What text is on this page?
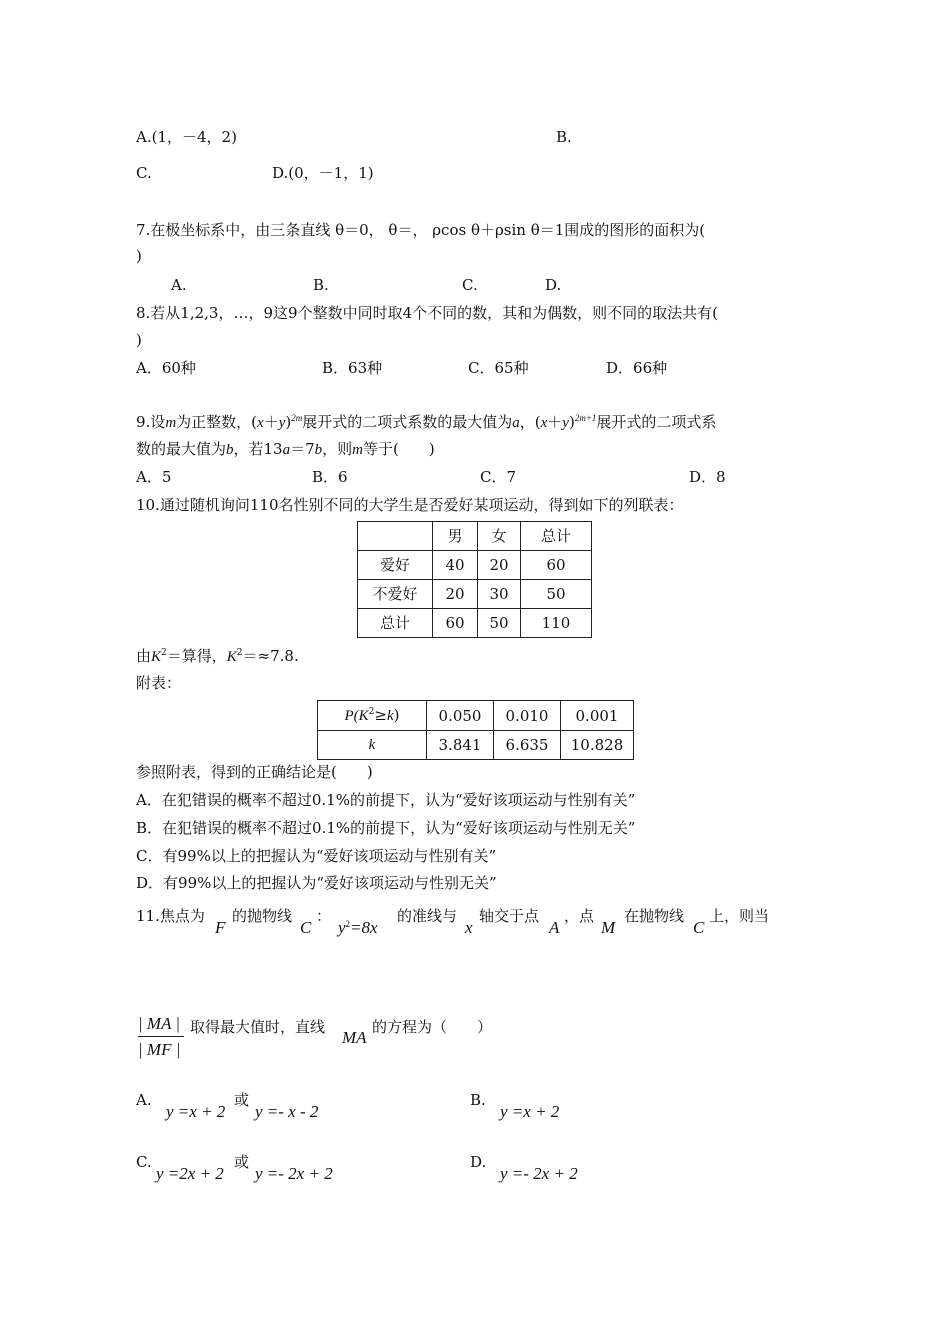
A.(1，－4，2)	B.
C.	D.(0，－1，1)
7.在极坐标系中，由三条直线 θ＝0， θ＝， ρcos θ＋ρsin θ＝1围成的图形的面积为(
)
A.	B.	C.	D.
8.若从1,2,3，…，9这9个整数中同时取4个不同的数，其和为偶数，则不同的取法共有(
)
A．60种	B．63种	C．65种	D．66种
9.设m为正整数，$(x+y)^{2m}$展开式的二项式系数的最大值为a，$(x+y)^{2m+1}$展开式的二项式系
数的最大值为b，若13a＝7b，则m等于(　　)
A．5	B．6	C．7	D．8
10.通过随机询问110名性别不同的大学生是否爱好某项运动，得到如下的列联表：
	男	女	总计
爱好	40	20	60
不爱好	20	30	50
总计	60	50	110
由$K^2=$算得，$K^2=\approx 7.8$.
附表：
$P(K^2\ge k)$	0.050	0.010	0.001
k	3.841	6.635	10.828
参照附表，得到的正确结论是(　　)
A．在犯错误的概率不超过0.1%的前提下，认为“爱好该项运动与性别有关”
B．在犯错误的概率不超过0.1%的前提下，认为“爱好该项运动与性别无关”
C．有99%以上的把握认为“爱好该项运动与性别有关”
D．有99%以上的把握认为“爱好该项运动与性别无关”
11.焦点为
F
的抛物线
C
：
$y^2=8x$
的准线与
x
轴交于点
A
，点
M
在抛物线
C
上，则当
| MA |
| MF |
取得最大值时，直线
MA
的方程为（　　）
A.
y =x + 2
或
y =- x - 2
B.
y =x + 2
C.
y =2x + 2
或
y =- 2x + 2
D.
y =- 2x + 2
